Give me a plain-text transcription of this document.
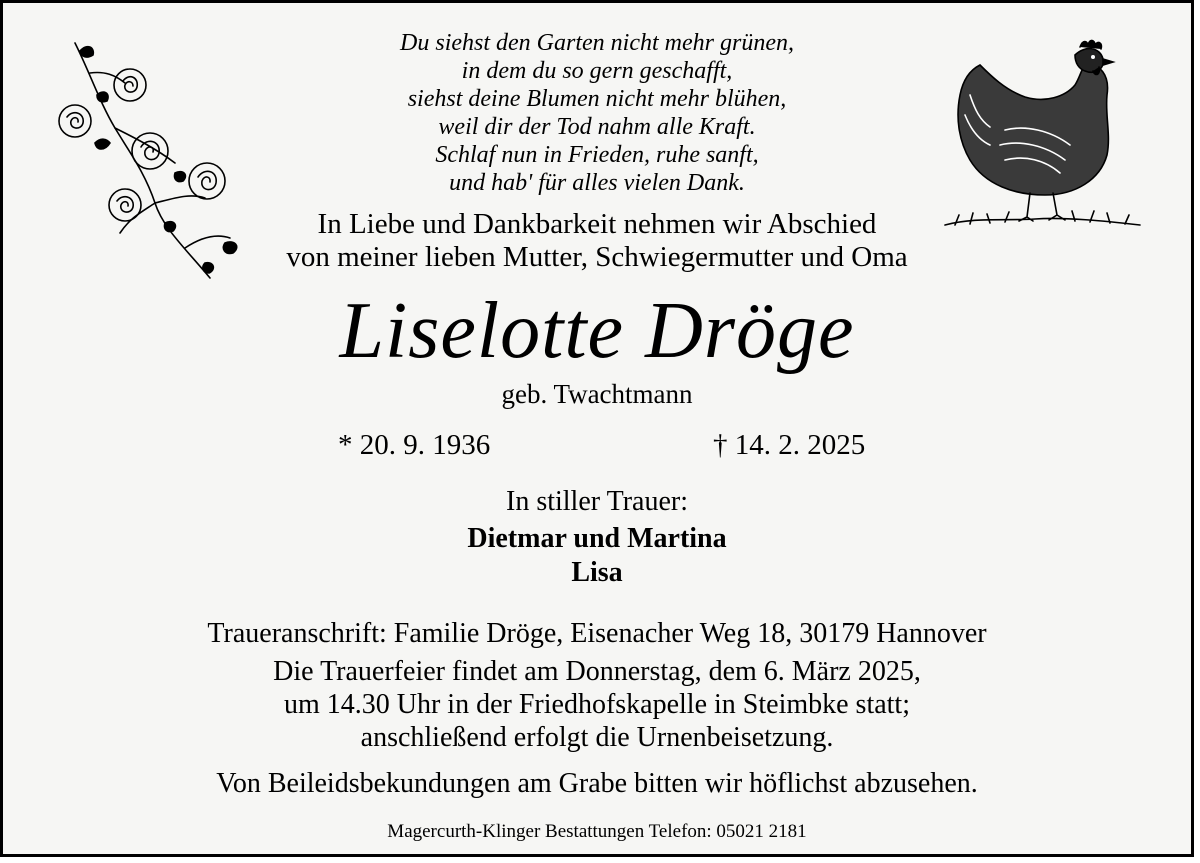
Du siehst den Garten nicht mehr grünen,
in dem du so gern geschafft,
siehst deine Blumen nicht mehr blühen,
weil dir der Tod nahm alle Kraft.
Schlaf nun in Frieden, ruhe sanft,
und hab' für alles vielen Dank.
In Liebe und Dankbarkeit nehmen wir Abschied
von meiner lieben Mutter, Schwiegermutter und Oma
Liselotte Dröge
geb. Twachtmann
* 20. 9. 1936	† 14. 2. 2025
In stiller Trauer:
Dietmar und Martina
Lisa
Traueranschrift: Familie Dröge, Eisenacher Weg 18, 30179 Hannover
Die Trauerfeier findet am Donnerstag, dem 6. März 2025,
um 14.30 Uhr in der Friedhofskapelle in Steimbke statt;
anschließend erfolgt die Urnenbeisetzung.
Von Beileidsbekundungen am Grabe bitten wir höflichst abzusehen.
Magercurth-Klinger Bestattungen Telefon: 05021 2181
